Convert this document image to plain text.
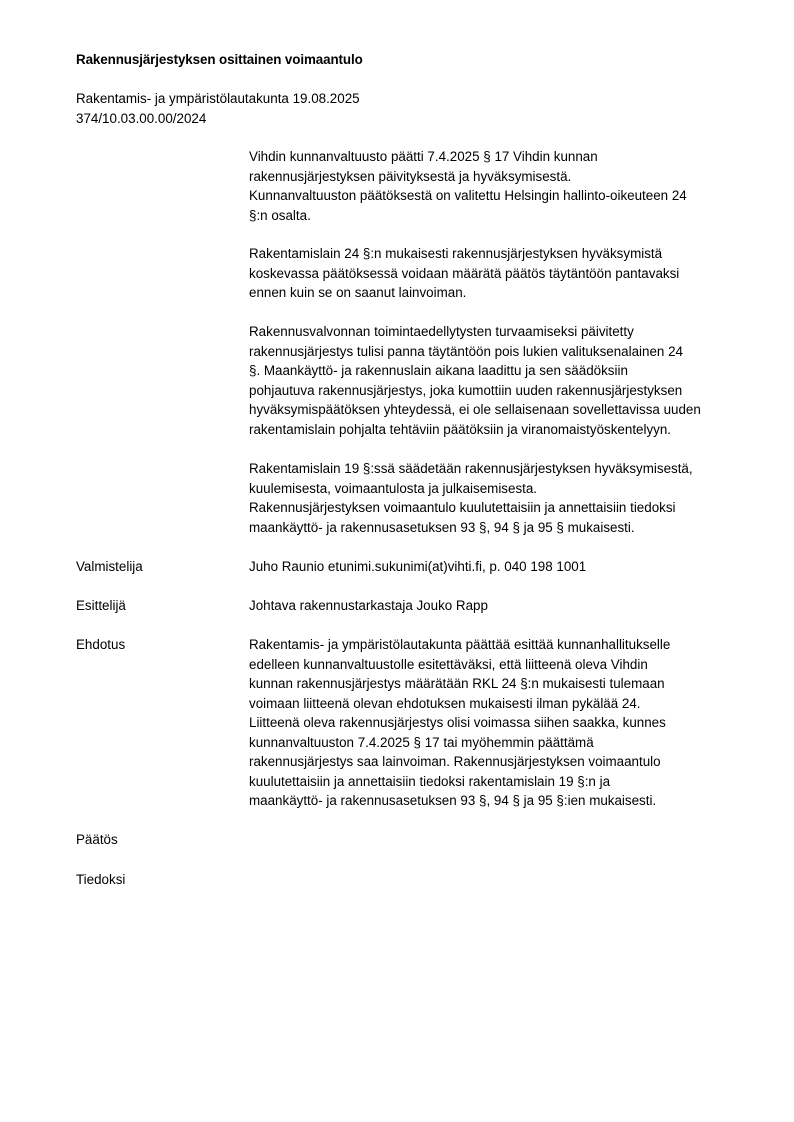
Rakennusjärjestyksen osittainen voimaantulo
Rakentamis- ja ympäristölautakunta 19.08.2025
374/10.03.00.00/2024
Vihdin kunnanvaltuusto päätti 7.4.2025 § 17 Vihdin kunnan
rakennusjärjestyksen päivityksestä ja hyväksymisestä.
Kunnanvaltuuston päätöksestä on valitettu Helsingin hallinto-oikeuteen 24
§:n osalta.
Rakentamislain 24 §:n mukaisesti rakennusjärjestyksen hyväksymistä
koskevassa päätöksessä voidaan määrätä päätös täytäntöön pantavaksi
ennen kuin se on saanut lainvoiman.
Rakennusvalvonnan toimintaedellytysten turvaamiseksi päivitetty
rakennusjärjestys tulisi panna täytäntöön pois lukien valituksenalainen 24
§. Maankäyttö- ja rakennuslain aikana laadittu ja sen säädöksiin
pohjautuva rakennusjärjestys, joka kumottiin uuden rakennusjärjestyksen
hyväksymispäätöksen yhteydessä, ei ole sellaisenaan sovellettavissa uuden
rakentamislain pohjalta tehtäviin päätöksiin ja viranomaistyöskentelyyn.
Rakentamislain 19 §:ssä säädetään rakennusjärjestyksen hyväksymisestä,
kuulemisesta, voimaantulosta ja julkaisemisesta.
Rakennusjärjestyksen voimaantulo kuulutettaisiin ja annettaisiin tiedoksi
maankäyttö- ja rakennusasetuksen 93 §, 94 § ja 95 § mukaisesti.
Valmistelija	Juho Raunio etunimi.sukunimi(at)vihti.fi, p. 040 198 1001
Esittelijä	Johtava rakennustarkastaja Jouko Rapp
Ehdotus	Rakentamis- ja ympäristölautakunta päättää esittää kunnanhallitukselle
edelleen kunnanvaltuustolle esitettäväksi, että liitteenä oleva Vihdin
kunnan rakennusjärjestys määrätään RKL 24 §:n mukaisesti tulemaan
voimaan liitteenä olevan ehdotuksen mukaisesti ilman pykälää 24.
Liitteenä oleva rakennusjärjestys olisi voimassa siihen saakka, kunnes
kunnanvaltuuston 7.4.2025 § 17 tai myöhemmin päättämä
rakennusjärjestys saa lainvoiman. Rakennusjärjestyksen voimaantulo
kuulutettaisiin ja annettaisiin tiedoksi rakentamislain 19 §:n ja
maankäyttö- ja rakennusasetuksen 93 §, 94 § ja 95 §:ien mukaisesti.
Päätös
Tiedoksi
